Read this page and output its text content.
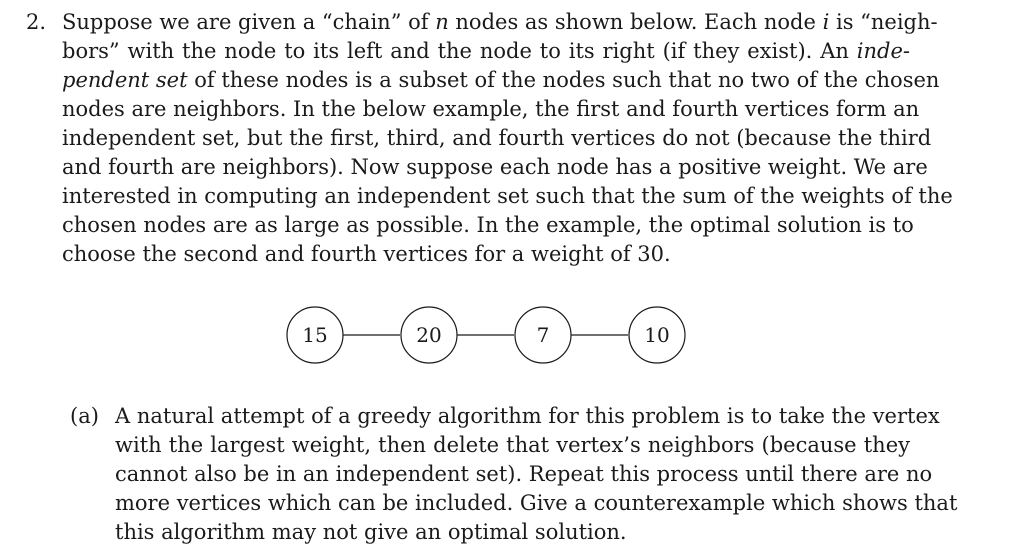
2. Suppose we are given a “chain” of n nodes as shown below. Each node i is “neigh-
bors” with the node to its left and the node to its right (if they exist). An inde-
pendent set of these nodes is a subset of the nodes such that no two of the chosen
nodes are neighbors. In the below example, the first and fourth vertices form an
independent set, but the first, third, and fourth vertices do not (because the third
and fourth are neighbors). Now suppose each node has a positive weight. We are
interested in computing an independent set such that the sum of the weights of the
chosen nodes are as large as possible. In the example, the optimal solution is to
choose the second and fourth vertices for a weight of 30.
15	20	7	10
(a) A natural attempt of a greedy algorithm for this problem is to take the vertex
with the largest weight, then delete that vertex’s neighbors (because they
cannot also be in an independent set). Repeat this process until there are no
more vertices which can be included. Give a counterexample which shows that
this algorithm may not give an optimal solution.
